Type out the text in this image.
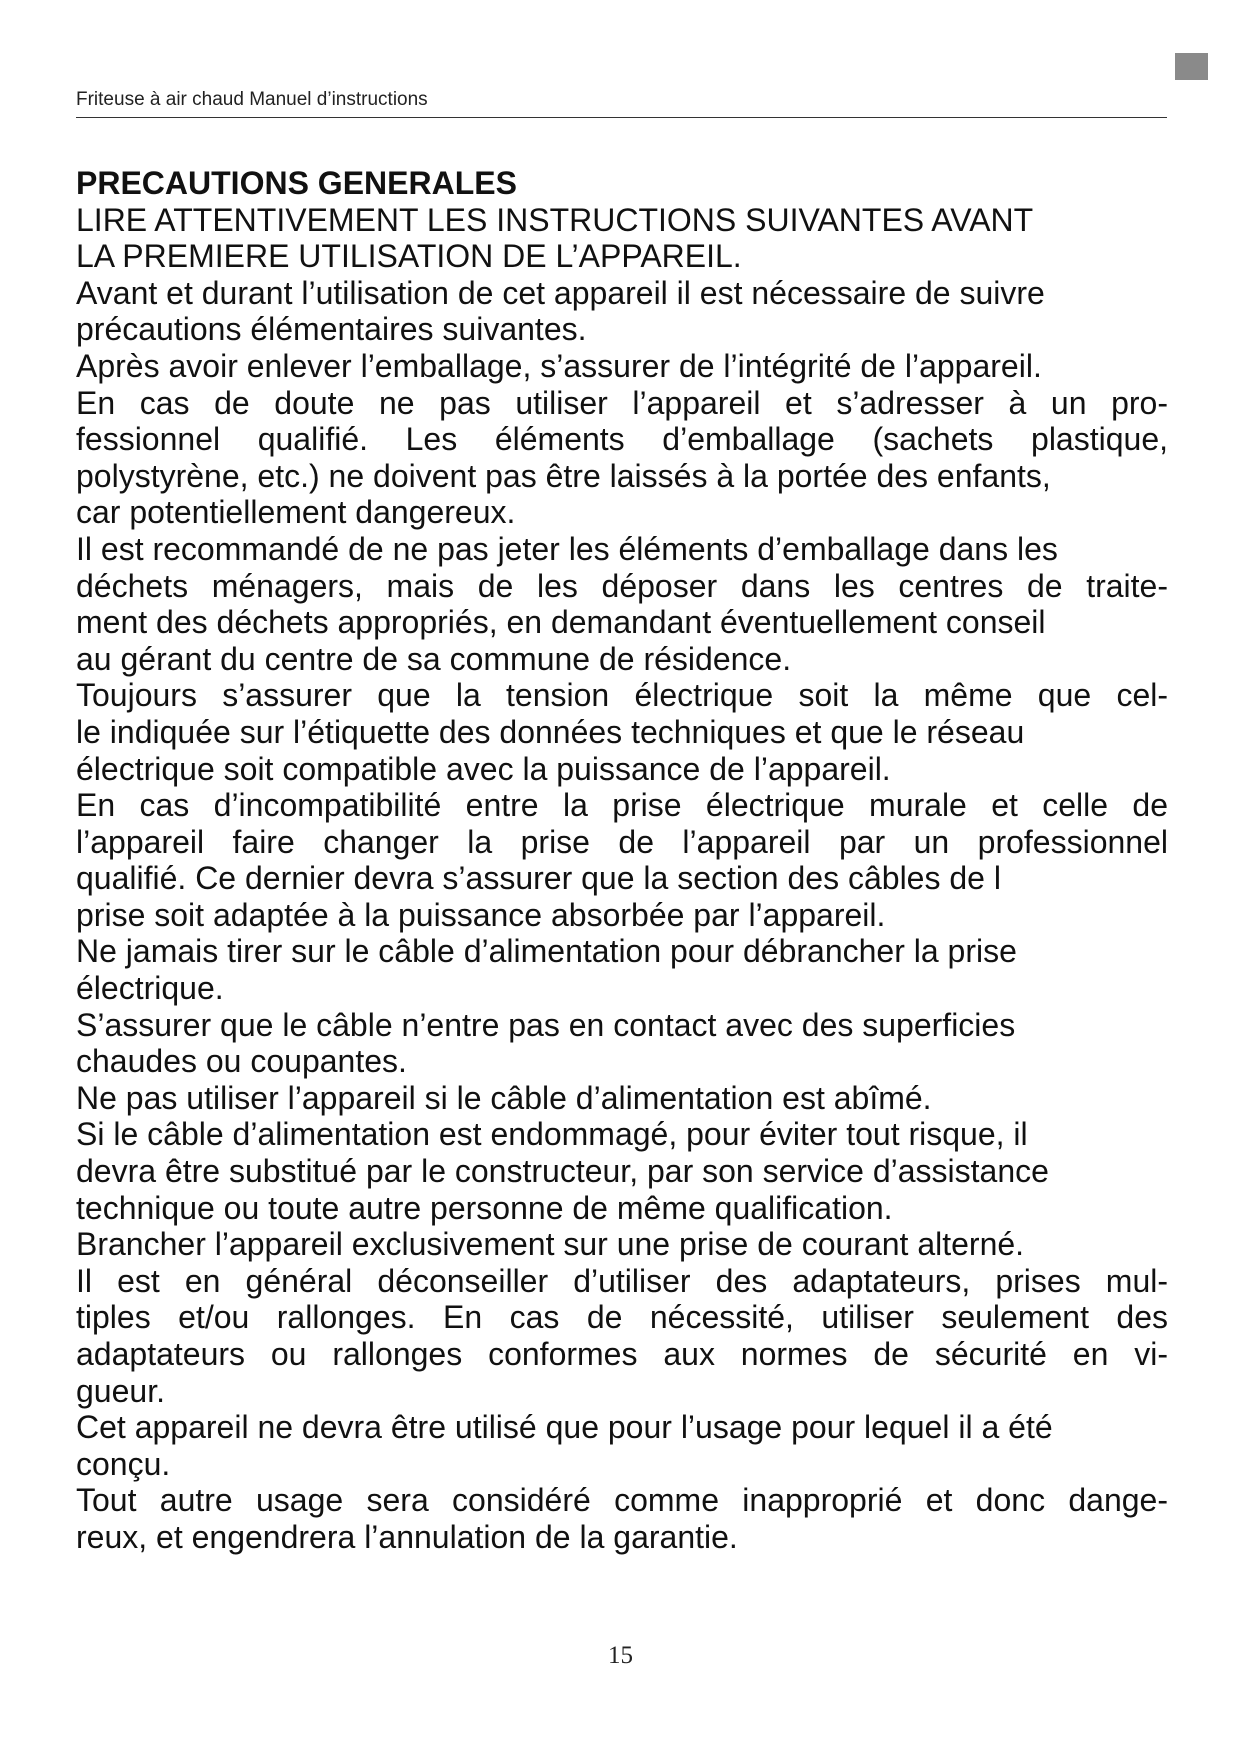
Friteuse à air chaud Manuel d’instructions
PRECAUTIONS GENERALES
LIRE ATTENTIVEMENT LES INSTRUCTIONS SUIVANTES AVANT
LA PREMIERE UTILISATION DE L’APPAREIL.
Avant et durant l’utilisation de cet appareil il est nécessaire de suivre
précautions élémentaires suivantes.
Après avoir enlever l’emballage, s’assurer de l’intégrité de l’appareil.
En cas de doute ne pas utiliser l’appareil et s’adresser à un pro-
fessionnel qualifié. Les éléments d’emballage (sachets plastique,
polystyrène, etc.) ne doivent pas être laissés à la portée des enfants,
car potentiellement dangereux.
Il est recommandé de ne pas jeter les éléments d’emballage dans les
déchets ménagers, mais de les déposer dans les centres de traite-
ment des déchets appropriés, en demandant éventuellement conseil
au gérant du centre de sa commune de résidence.
Toujours s’assurer que la tension électrique soit la même que cel-
le indiquée sur l’étiquette des données techniques et que le réseau
électrique soit compatible avec la puissance de l’appareil.
En cas d’incompatibilité entre la prise électrique murale et celle de
l’appareil faire changer la prise de l’appareil par un professionnel
qualifié. Ce dernier devra s’assurer que la section des câbles de l
prise soit adaptée à la puissance absorbée par l’appareil.
Ne jamais tirer sur le câble d’alimentation pour débrancher la prise
électrique.
S’assurer que le câble n’entre pas en contact avec des superficies
chaudes ou coupantes.
Ne pas utiliser l’appareil si le câble d’alimentation est abîmé.
Si le câble d’alimentation est endommagé, pour éviter tout risque, il
devra être substitué par le constructeur, par son service d’assistance
technique ou toute autre personne de même qualification.
Brancher l’appareil exclusivement sur une prise de courant alterné.
Il est en général déconseiller d’utiliser des adaptateurs, prises mul-
tiples et/ou rallonges. En cas de nécessité, utiliser seulement des
adaptateurs ou rallonges conformes aux normes de sécurité en vi-
gueur.
Cet appareil ne devra être utilisé que pour l’usage pour lequel il a été
conçu.
Tout autre usage sera considéré comme inapproprié et donc dange-
reux, et engendrera l’annulation de la garantie.
15
